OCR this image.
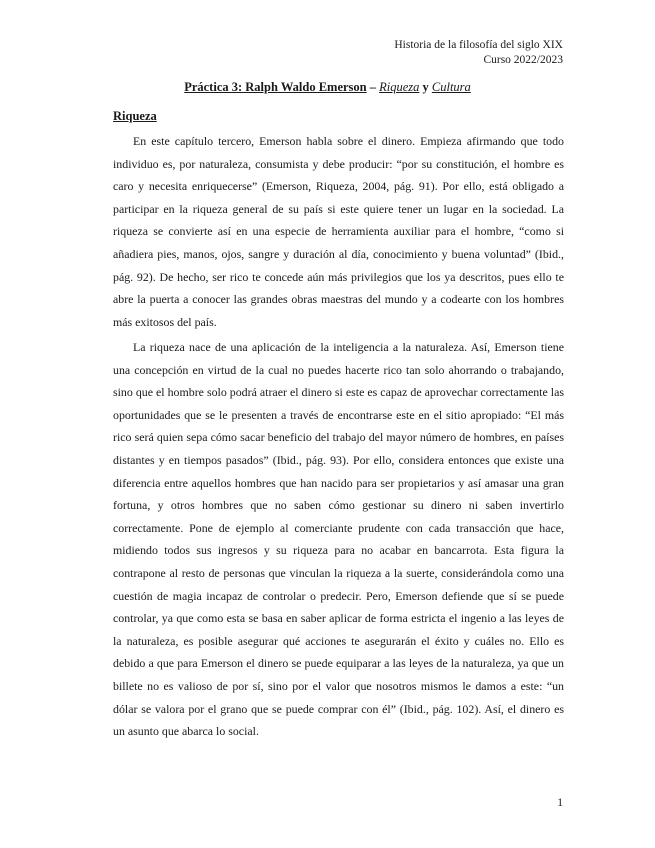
Historia de la filosofía del siglo XIX
Curso 2022/2023
Práctica 3: Ralph Waldo Emerson – Riqueza y Cultura
Riqueza

En este capítulo tercero, Emerson habla sobre el dinero. Empieza afirmando que todo individuo es, por naturaleza, consumista y debe producir: “por su constitución, el hombre es caro y necesita enriquecerse” (Emerson, Riqueza, 2004, pág. 91). Por ello, está obligado a participar en la riqueza general de su país si este quiere tener un lugar en la sociedad. La riqueza se convierte así en una especie de herramienta auxiliar para el hombre, “como si añadiera pies, manos, ojos, sangre y duración al día, conocimiento y buena voluntad” (Ibid., pág. 92). De hecho, ser rico te concede aún más privilegios que los ya descritos, pues ello te abre la puerta a conocer las grandes obras maestras del mundo y a codearte con los hombres más exitosos del país.

La riqueza nace de una aplicación de la inteligencia a la naturaleza. Así, Emerson tiene una concepción en virtud de la cual no puedes hacerte rico tan solo ahorrando o trabajando, sino que el hombre solo podrá atraer el dinero si este es capaz de aprovechar correctamente las oportunidades que se le presenten a través de encontrarse este en el sitio apropiado: “El más rico será quien sepa cómo sacar beneficio del trabajo del mayor número de hombres, en países distantes y en tiempos pasados” (Ibid., pág. 93). Por ello, considera entonces que existe una diferencia entre aquellos hombres que han nacido para ser propietarios y así amasar una gran fortuna, y otros hombres que no saben cómo gestionar su dinero ni saben invertirlo correctamente. Pone de ejemplo al comerciante prudente con cada transacción que hace, midiendo todos sus ingresos y su riqueza para no acabar en bancarrota. Esta figura la contrapone al resto de personas que vinculan la riqueza a la suerte, considerándola como una cuestión de magia incapaz de controlar o predecir. Pero, Emerson defiende que sí se puede controlar, ya que como esta se basa en saber aplicar de forma estricta el ingenio a las leyes de la naturaleza, es posible asegurar qué acciones te asegurarán el éxito y cuáles no. Ello es debido a que para Emerson el dinero se puede equiparar a las leyes de la naturaleza, ya que un billete no es valioso de por sí, sino por el valor que nosotros mismos le damos a este: “un dólar se valora por el grano que se puede comprar con él” (Ibid., pág. 102). Así, el dinero es un asunto que abarca lo social.

1
